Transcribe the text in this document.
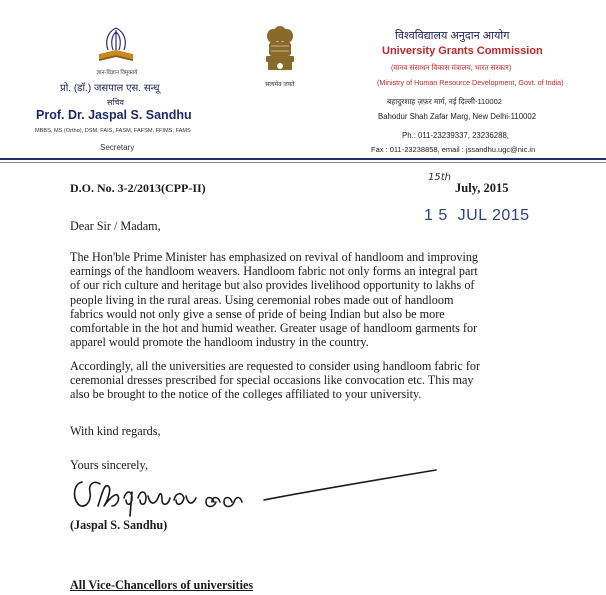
ज्ञान-विज्ञान विमुक्तये
प्रो. (डॉ.) जसपाल एस. सन्धू
सचिव
Prof. Dr. Jaspal S. Sandhu
MBBS, MS (Ortho), DSM, FAIS, FASM, FAFSM, FFIMS, FAMS
Secretary
सत्यमेव जयते
विश्वविद्यालय अनुदान आयोग
University Grants Commission
(मानव संसाधन विकास मंत्रालय, भारत सरकार)
(Ministry of Human Resource Development, Govt. of India)
बहादुरशाह ज़फ़र मार्ग, नई दिल्ली-110002
Bahodur Shah Zafar Marg, New Delhi-110002
Ph.: 011-23239337, 23236288,
Fax : 011-23238858, email : jssandhu.ugc@nic.in
D.O. No. 3-2/2013(CPP-II)
15th
July, 2015
1 5  JUL 2015
Dear Sir / Madam,
The Hon'ble Prime Minister has emphasized on revival of handloom and improving
earnings of the handloom weavers. Handloom fabric not only forms an integral part
of our rich culture and heritage but also provides livelihood opportunity to lakhs of
people living in the rural areas. Using ceremonial robes made out of handloom
fabrics would not only give a sense of pride of being Indian but also be more
comfortable in the hot and humid weather. Greater usage of handloom garments for
apparel would promote the handloom industry in the country.
Accordingly, all the universities are requested to consider using handloom fabric for
ceremonial dresses prescribed for special occasions like convocation etc. This may
also be brought to the notice of the colleges affiliated to your university.
With kind regards,
Yours sincerely,
(Jaspal S. Sandhu)
All Vice-Chancellors of universities
